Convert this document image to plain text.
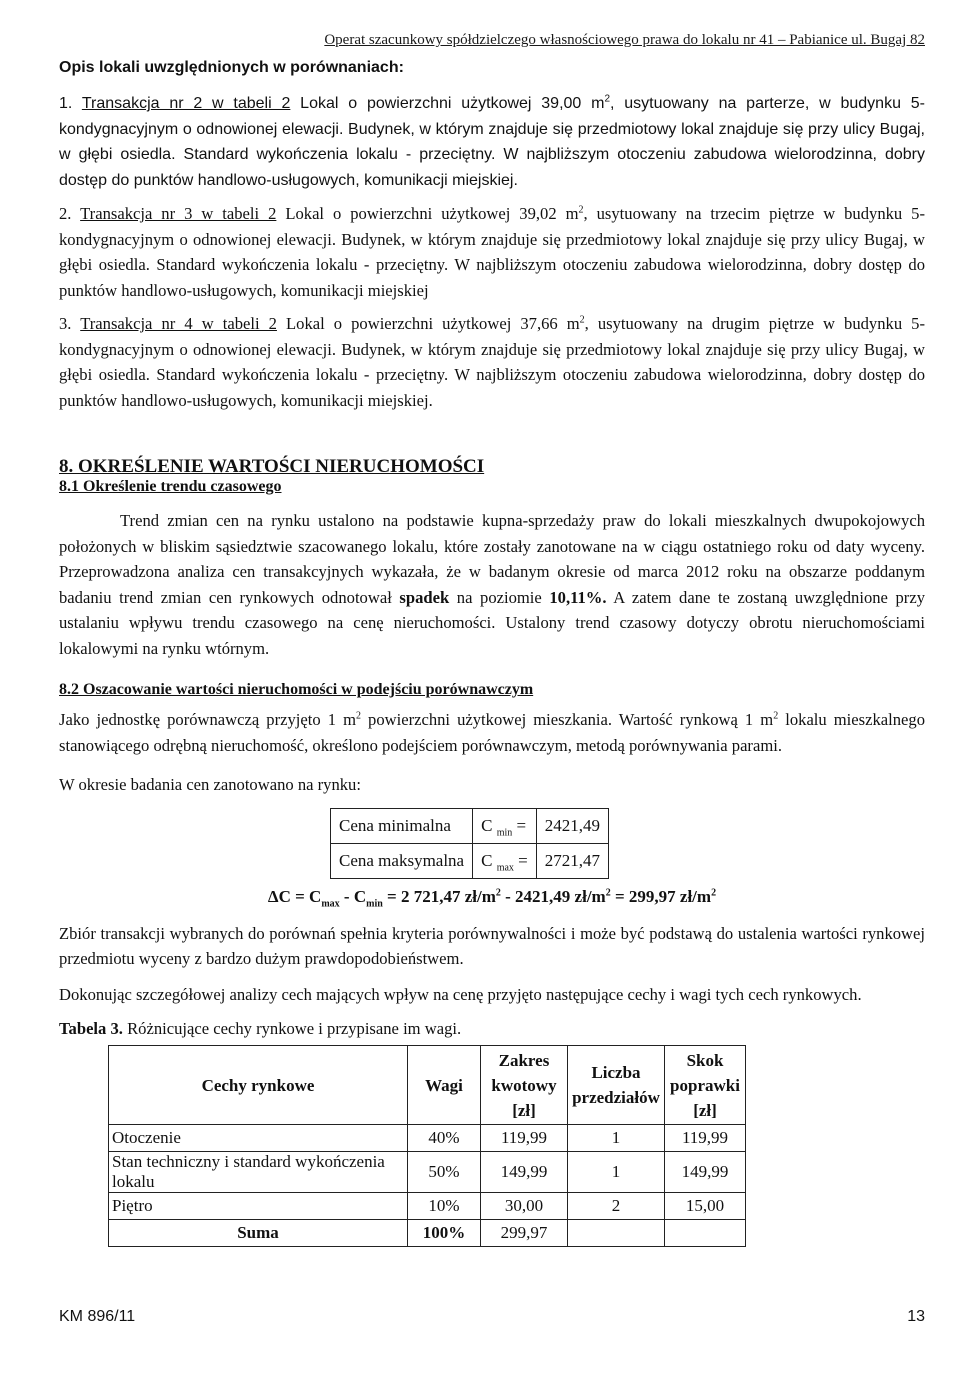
Operat szacunkowy spółdzielczego własnościowego prawa do lokalu nr 41 – Pabianice ul. Bugaj 82
Opis lokali uwzględnionych w porównaniach:
1. Transakcja nr 2 w tabeli 2 Lokal o powierzchni użytkowej 39,00 $m^2$, usytuowany na parterze, w budynku 5-kondygnacyjnym o odnowionej elewacji. Budynek, w którym znajduje się przedmiotowy lokal znajduje się przy ulicy Bugaj, w głębi osiedla. Standard wykończenia lokalu - przeciętny. W najbliższym otoczeniu zabudowa wielorodzinna, dobry dostęp do punktów handlowo-usługowych, komunikacji miejskiej.
2. Transakcja nr 3 w tabeli 2 Lokal o powierzchni użytkowej 39,02 $m^2$, usytuowany na trzecim piętrze w budynku 5-kondygnacyjnym o odnowionej elewacji. Budynek, w którym znajduje się przedmiotowy lokal znajduje się przy ulicy Bugaj, w głębi osiedla. Standard wykończenia lokalu - przeciętny. W najbliższym otoczeniu zabudowa wielorodzinna, dobry dostęp do punktów handlowo-usługowych, komunikacji miejskiej
3. Transakcja nr 4 w tabeli 2 Lokal o powierzchni użytkowej 37,66 $m^2$, usytuowany na drugim piętrze w budynku 5-kondygnacyjnym o odnowionej elewacji. Budynek, w którym znajduje się przedmiotowy lokal znajduje się przy ulicy Bugaj, w głębi osiedla. Standard wykończenia lokalu - przeciętny. W najbliższym otoczeniu zabudowa wielorodzinna, dobry dostęp do punktów handlowo-usługowych, komunikacji miejskiej.
8. OKREŚLENIE WARTOŚCI NIERUCHOMOŚCI
8.1 Określenie trendu czasowego
Trend zmian cen na rynku ustalono na podstawie kupna-sprzedaży praw do lokali mieszkalnych dwupokojowych położonych w bliskim sąsiedztwie szacowanego lokalu, które zostały zanotowane na w ciągu ostatniego roku od daty wyceny. Przeprowadzona analiza cen transakcyjnych wykazała, że w badanym okresie od marca 2012 roku na obszarze poddanym badaniu trend zmian cen rynkowych odnotował spadek na poziomie 10,11%. A zatem dane te zostaną uwzględnione przy ustalaniu wpływu trendu czasowego na cenę nieruchomości. Ustalony trend czasowy dotyczy obrotu nieruchomościami lokalowymi na rynku wtórnym.
8.2 Oszacowanie wartości nieruchomości w podejściu porównawczym
Jako jednostkę porównawczą przyjęto 1 $m^2$ powierzchni użytkowej mieszkania. Wartość rynkową 1 $m^2$ lokalu mieszkalnego stanowiącego odrębną nieruchomość, określono podejściem porównawczym, metodą porównywania parami.
W okresie badania cen zanotowano na rynku:
Cena minimalna	C $_{min}$ =	2421,49
Cena maksymalna	C $_{max}$ =	2721,47
$\Delta C = C_{max} - C_{min} = 2$ 721,47 $zł/m^2 - 2421,49$ $zł/m^2 = 299,97$ $zł/m^2$
Zbiór transakcji wybranych do porównań spełnia kryteria porównywalności i może być podstawą do ustalenia wartości rynkowej przedmiotu wyceny z bardzo dużym prawdopodobieństwem.
Dokonując szczegółowej analizy cech mających wpływ na cenę przyjęto następujące cechy i wagi tych cech rynkowych.
Tabela 3. Różnicujące cechy rynkowe i przypisane im wagi.
Cechy rynkowe	Wagi	Zakres kwotowy [zł]	Liczba przedziałów	Skok poprawki [zł]
Otoczenie	40%	119,99	1	119,99
Stan techniczny i standard wykończenia lokalu	50%	149,99	1	149,99
Piętro	10%	30,00	2	15,00
Suma	100%	299,97		
KM 896/11	13
